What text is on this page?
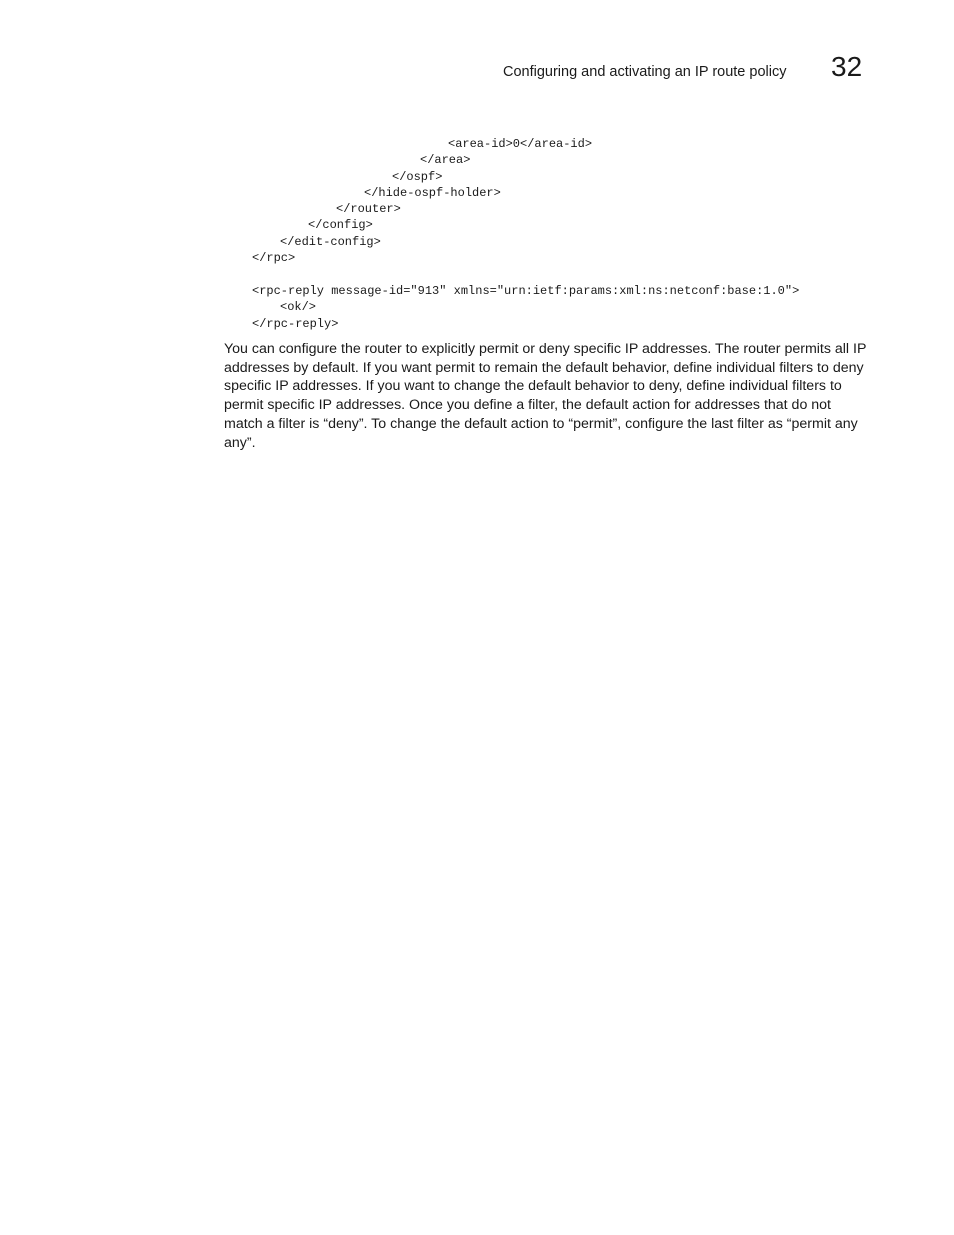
Configuring and activating an IP route policy 32
<area-id>0</area-id>
</area>
</ospf>
</hide-ospf-holder>
</router>
</config>
</edit-config>
</rpc>
<rpc-reply message-id="913" xmlns="urn:ietf:params:xml:ns:netconf:base:1.0">
<ok/>
</rpc-reply>

You can configure the router to explicitly permit or deny specific IP addresses. The router permits all IP addresses by default. If you want permit to remain the default behavior, define individual filters to deny specific IP addresses. If you want to change the default behavior to deny, define individual filters to permit specific IP addresses. Once you define a filter, the default action for addresses that do not match a filter is “deny”. To change the default action to “permit”, configure the last filter as “permit any any”.
